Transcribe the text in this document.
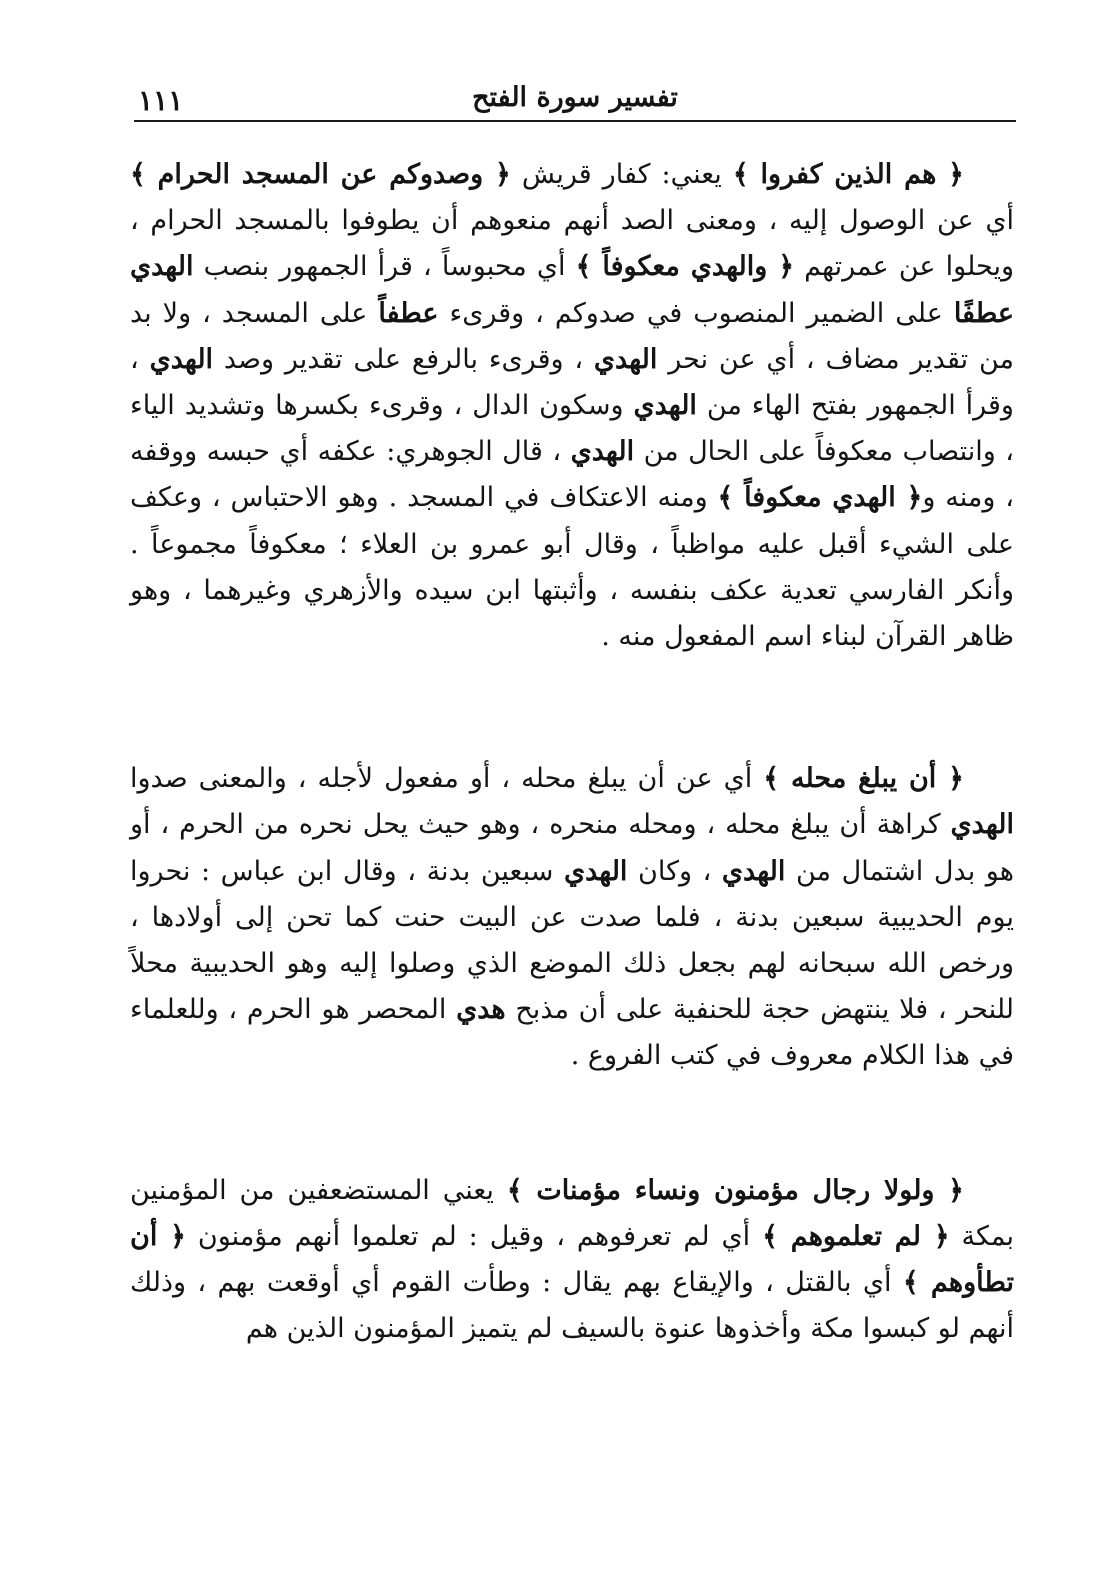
١١١	تفسير سورة الفتح

﴿ هم الذين كفروا ﴾ يعني: كفار قريش ﴿ وصدوكم عن المسجد الحرام ﴾ أي عن الوصول إليه ، ومعنى الصد أنهم منعوهم أن يطوفوا بالمسجد الحرام ، ويحلوا عن عمرتهم ﴿ والهدي معكوفاً ﴾ أي محبوساً ، قرأ الجمهور بنصب الهدي عطفًا على الضمير المنصوب في صدوكم ، وقرىء عطفاً على المسجد ، ولا بد من تقدير مضاف ، أي عن نحر الهدي ، وقرىء بالرفع على تقدير وصد الهدي ، وقرأ الجمهور بفتح الهاء من الهدي وسكون الدال ، وقرىء بكسرها وتشديد الياء ، وانتصاب معكوفاً على الحال من الهدي ، قال الجوهري: عكفه أي حبسه ووقفه ، ومنه و﴿ الهدي معكوفاً ﴾ ومنه الاعتكاف في المسجد . وهو الاحتباس ، وعكف على الشيء أقبل عليه مواظباً ، وقال أبو عمرو بن العلاء ؛ معكوفاً مجموعاً . وأنكر الفارسي تعدية عكف بنفسه ، وأثبتها ابن سيده والأزهري وغيرهما ، وهو ظاهر القرآن لبناء اسم المفعول منه .

﴿ أن يبلغ محله ﴾ أي عن أن يبلغ محله ، أو مفعول لأجله ، والمعنى صدوا الهدي كراهة أن يبلغ محله ، ومحله منحره ، وهو حيث يحل نحره من الحرم ، أو هو بدل اشتمال من الهدي ، وكان الهدي سبعين بدنة ، وقال ابن عباس : نحروا يوم الحديبية سبعين بدنة ، فلما صدت عن البيت حنت كما تحن إلى أولادها ، ورخص الله سبحانه لهم بجعل ذلك الموضع الذي وصلوا إليه وهو الحديبية محلاً للنحر ، فلا ينتهض حجة للحنفية على أن مذبح هدي المحصر هو الحرم ، وللعلماء في هذا الكلام معروف في كتب الفروع .

﴿ ولولا رجال مؤمنون ونساء مؤمنات ﴾ يعني المستضعفين من المؤمنين بمكة ﴿ لم تعلموهم ﴾ أي لم تعرفوهم ، وقيل : لم تعلموا أنهم مؤمنون ﴿ أن تطأوهم ﴾ أي بالقتل ، والإيقاع بهم يقال : وطأت القوم أي أوقعت بهم ، وذلك أنهم لو كبسوا مكة وأخذوها عنوة بالسيف لم يتميز المؤمنون الذين هم
